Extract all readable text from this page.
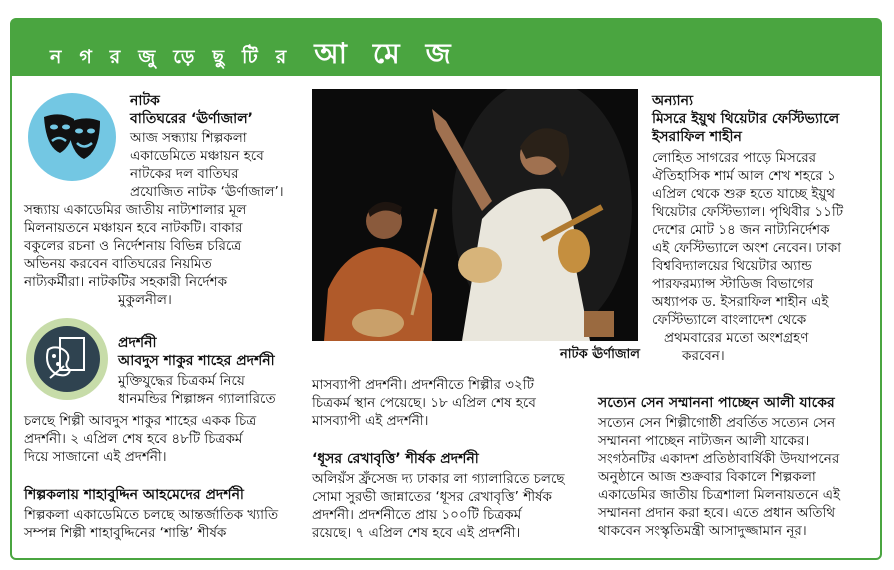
নগরজুড়েছুটির আমেজ
নাটক
বাতিঘরের ‘ঊর্ণাজাল’
আজ সন্ধ্যায় শিল্পকলা
একাডেমিতে মঞ্চায়ন হবে
নাটকের দল বাতিঘর
প্রযোজিত নাটক ‘ঊর্ণাজাল’।
সন্ধ্যায় একাডেমির জাতীয় নাট্যশালার মূল
মিলনায়তনে মঞ্চায়ন হবে নাটকটি। বাকার
বকুলের রচনা ও নির্দেশনায় বিভিন্ন চরিত্রে
অভিনয় করবেন বাতিঘরের নিয়মিত
নাট্যকর্মীরা। নাটকটির সহকারী নির্দেশক
মুকুলনীল।
নাটক ঊর্ণাজাল
অন্যান্য
মিসরে ইয়ুথ থিয়েটার ফেস্টিভ্যালে
ইসরাফিল শাহীন
লোহিত সাগরের পাড়ে মিসরের
ঐতিহাসিক শার্ম আল শেখ শহরে ১
এপ্রিল থেকে শুরু হতে যাচ্ছে ইয়ুথ
থিয়েটার ফেস্টিভ্যাল। পৃথিবীর ১১টি
দেশের মোট ১৪ জন নাট্যনির্দেশক
এই ফেস্টিভ্যালে অংশ নেবেন। ঢাকা
বিশ্ববিদ্যালয়ের থিয়েটার অ্যান্ড
পারফরম্যান্স স্টাডিজ বিভাগের
অধ্যাপক ড. ইসরাফিল শাহীন এই
ফেস্টিভ্যালে বাংলাদেশ থেকে
প্রথমবারের মতো অংশগ্রহণ
করবেন।
প্রদর্শনী
আবদুস শাকুর শাহের প্রদর্শনী
মুক্তিযুদ্ধের চিত্রকর্ম নিয়ে
ধানমন্ডির শিল্পাঙ্গন গ্যালারিতে
চলছে শিল্পী আবদুস শাকুর শাহের একক চিত্র
প্রদর্শনী। ২ এপ্রিল শেষ হবে ৪৮টি চিত্রকর্ম
দিয়ে সাজানো এই প্রদর্শনী।
শিল্পকলায় শাহাবুদ্দিন আহমেদের প্রদর্শনী
শিল্পকলা একাডেমিতে চলছে আন্তর্জাতিক খ্যাতি
সম্পন্ন শিল্পী শাহাবুদ্দিনের ‘শান্তি’ শীর্ষক
মাসব্যাপী প্রদর্শনী। প্রদর্শনীতে শিল্পীর ৩২টি
চিত্রকর্ম স্থান পেয়েছে। ১৮ এপ্রিল শেষ হবে
মাসব্যাপী এই প্রদর্শনী।
‘ধূসর রেখাবৃত্তি’ শীর্ষক প্রদর্শনী
অলিয়ঁস ফ্রঁসেজ দ্য ঢাকার লা গ্যালারিতে চলছে
সোমা সুরভী জান্নাতের ‘ধূসর রেখাবৃত্তি’ শীর্ষক
প্রদর্শনী। প্রদর্শনীতে প্রায় ১০০টি চিত্রকর্ম
রয়েছে। ৭ এপ্রিল শেষ হবে এই প্রদর্শনী।
সত্যেন সেন সম্মাননা পাচ্ছেন আলী যাকের
সত্যেন সেন শিল্পীগোষ্ঠী প্রবর্তিত সত্যেন সেন
সম্মাননা পাচ্ছেন নাট্যজন আলী যাকের।
সংগঠনটির একাদশ প্রতিষ্ঠাবার্ষিকী উদযাপনের
অনুষ্ঠানে আজ শুক্রবার বিকালে শিল্পকলা
একাডেমির জাতীয় চিত্রশালা মিলনায়তনে এই
সম্মাননা প্রদান করা হবে। এতে প্রধান অতিথি
থাকবেন সংস্কৃতিমন্ত্রী আসাদুজ্জামান নূর।
